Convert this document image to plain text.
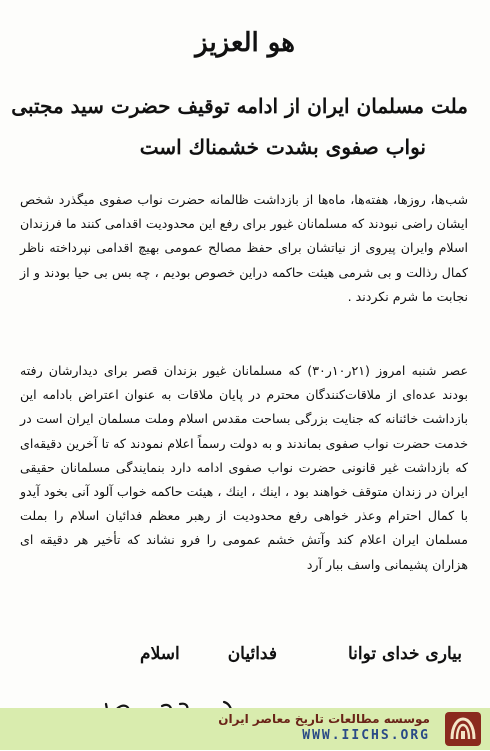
هو العزیز
ملت مسلمان ایران از ادامه توقیف حضرت سید مجتبی
نواب صفوی بشدت خشمناك است
شب‌ها، روزها، هفته‌ها، ماه‌ها از بازداشت ظالمانه حضرت نواب صفوی میگذرد شخص ایشان راضی نبودند که مسلمانان غیور برای رفع این محدودیت اقدامی کنند ما فرزندان اسلام وایران پیروی از نیاتشان برای حفظ مصالح عمومی بهیچ اقدامی نپرداخته ناظر کمال رذالت و بی شرمی هیئت حاکمه دراین خصوص بودیم ، چه بس بی حیا بودند و از نجابت ما شرم نکردند .
عصر شنبه امروز (۲۱ر۱۰ر۳۰) که مسلمانان غیور بزندان قصر برای دیدارشان رفته بودند عده‌ای از ملاقات‌کنندگان محترم در پایان ملاقات به عنوان اعتراض بادامه این بازداشت خائنانه که جنایت بزرگی بساحت مقدس اسلام وملت مسلمان ایران است در خدمت حضرت نواب صفوی بماندند و به دولت رسماً اعلام نمودند که تا آخرین دقیقه‌ای که بازداشت غیر قانونی حضرت نواب صفوی ادامه دارد بنمایندگی مسلمانان حقیقی ایران در زندان متوقف خواهند بود ، اینك ، اینك ، هیئت حاکمه خواب آلود آنی بخود آیدو با کمال احترام وعذر خواهی رفع محدودیت از رهبر معظم فدائیان اسلام را بملت مسلمان ایران اعلام کند وآتش خشم عمومی را فرو نشاند که تأخیر هر دقیقه ای هزاران پشیمانی واسف ببار آرد
بیاری خدای توانا
فدائیاناسلام
موسسه مطالعات تاریخ معاصر ایران
WWW.IICHS.ORG
